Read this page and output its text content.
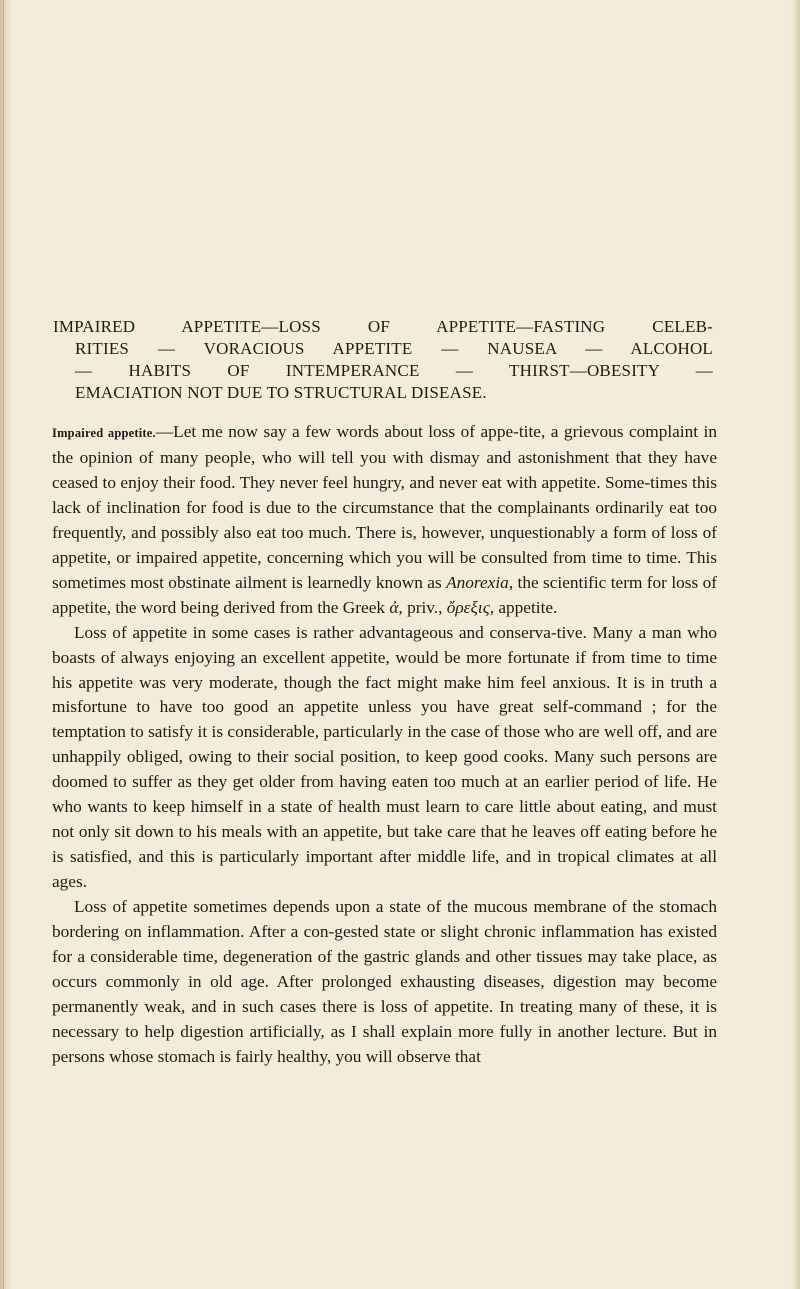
IMPAIRED APPETITE—LOSS OF APPETITE—FASTING CELEB-
RITIES — VORACIOUS APPETITE — NAUSEA — ALCOHOL
— HABITS OF INTEMPERANCE — THIRST—OBESITY —
EMACIATION NOT DUE TO STRUCTURAL DISEASE.

Impaired appetite.—Let me now say a few words about loss of appe-tite, a grievous complaint in the opinion of many people, who will tell you with dismay and astonishment that they have ceased to enjoy their food. They never feel hungry, and never eat with appetite. Some-times this lack of inclination for food is due to the circumstance that the complainants ordinarily eat too frequently, and possibly also eat too much. There is, however, unquestionably a form of loss of appetite, or impaired appetite, concerning which you will be consulted from time to time. This sometimes most obstinate ailment is learnedly known as Anorexia, the scientific term for loss of appetite, the word being derived from the Greek ἀ, priv., ὄρεξις, appetite.

Loss of appetite in some cases is rather advantageous and conserva-tive. Many a man who boasts of always enjoying an excellent appetite, would be more fortunate if from time to time his appetite was very moderate, though the fact might make him feel anxious. It is in truth a misfortune to have too good an appetite unless you have great self-command ; for the temptation to satisfy it is considerable, particularly in the case of those who are well off, and are unhappily obliged, owing to their social position, to keep good cooks. Many such persons are doomed to suffer as they get older from having eaten too much at an earlier period of life. He who wants to keep himself in a state of health must learn to care little about eating, and must not only sit down to his meals with an appetite, but take care that he leaves off eating before he is satisfied, and this is particularly important after middle life, and in tropical climates at all ages.

Loss of appetite sometimes depends upon a state of the mucous membrane of the stomach bordering on inflammation. After a con-gested state or slight chronic inflammation has existed for a considerable time, degeneration of the gastric glands and other tissues may take place, as occurs commonly in old age. After prolonged exhausting diseases, digestion may become permanently weak, and in such cases there is loss of appetite. In treating many of these, it is necessary to help digestion artificially, as I shall explain more fully in another lecture. But in persons whose stomach is fairly healthy, you will observe that
